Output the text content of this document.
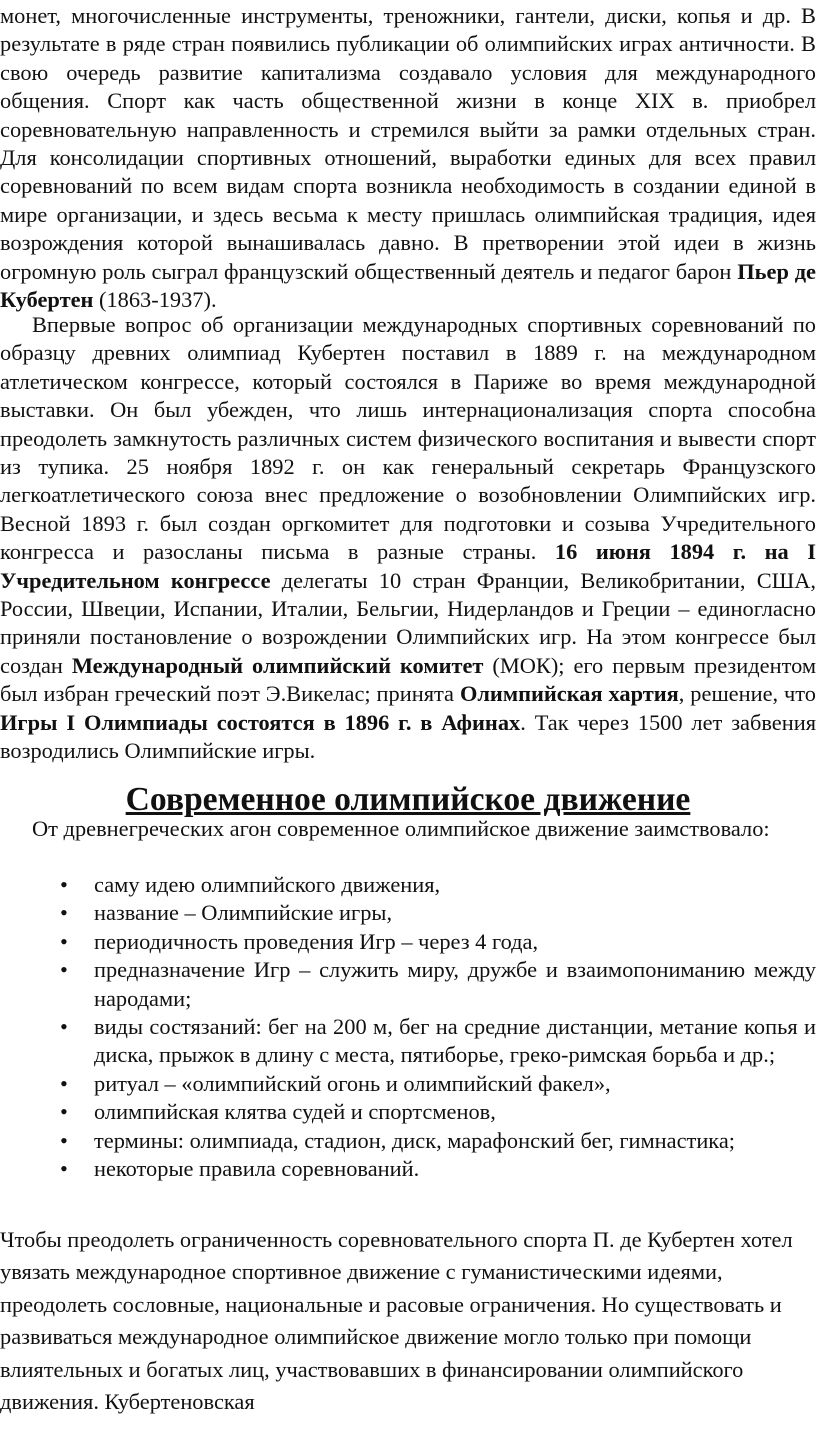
монет, многочисленные инструменты, треножники, гантели, диски, копья и др. В результате в ряде стран появились публикации об олимпийских играх античности. В свою очередь развитие капитализма создавало условия для международного общения. Спорт как часть общественной жизни в конце XIX в. приобрел соревновательную направленность и стремился выйти за рамки отдельных стран. Для консолидации спортивных отношений, выработки единых для всех правил соревнований по всем видам спорта возникла необходимость в создании единой в мире организации, и здесь весьма к месту пришлась олимпийская традиция, идея возрождения которой вынашивалась давно. В претворении этой идеи в жизнь огромную роль сыграл французский общественный деятель и педагог барон Пьер де Кубертен (1863-1937).

Впервые вопрос об организации международных спортивных соревнований по образцу древних олимпиад Кубертен поставил в 1889 г. на международном атлетическом конгрессе, который состоялся в Париже во время международной выставки. Он был убежден, что лишь интернационализация спорта способна преодолеть замкнутость различных систем физического воспитания и вывести спорт из тупика. 25 ноября 1892 г. он как генеральный секретарь Французского легкоатлетического союза внес предложение о возобновлении Олимпийских игр. Весной 1893 г. был создан оргкомитет для подготовки и созыва Учредительного конгресса и разосланы письма в разные страны. 16 июня 1894 г. на I Учредительном конгрессе делегаты 10 стран Франции, Великобритании, США, России, Швеции, Испании, Италии, Бельгии, Нидерландов и Греции – единогласно приняли постановление о возрождении Олимпийских игр. На этом конгрессе был создан Международный олимпийский комитет (МОК); его первым президентом был избран греческий поэт Э.Викелас; принята Олимпийская хартия, решение, что Игры I Олимпиады состоятся в 1896 г. в Афинах. Так через 1500 лет забвения возродились Олимпийские игры.

Современное олимпийское движение

От древнегреческих агон современное олимпийское движение заимствовало:

• саму идею олимпийского движения,
• название – Олимпийские игры,
• периодичность проведения Игр – через 4 года,
• предназначение Игр – служить миру, дружбе и взаимопониманию между народами;
• виды состязаний: бег на 200 м, бег на средние дистанции, метание копья и диска, прыжок в длину с места, пятиборье, греко-римская борьба и др.;
• ритуал – «олимпийский огонь и олимпийский факел»,
• олимпийская клятва судей и спортсменов,
• термины: олимпиада, стадион, диск, марафонский бег, гимнастика;
• некоторые правила соревнований.

Чтобы преодолеть ограниченность соревновательного спорта П. де Кубертен хотел увязать международное спортивное движение с гуманистическими идеями, преодолеть сословные, национальные и расовые ограничения. Но существовать и развиваться международное олимпийское движение могло только при помощи влиятельных и богатых лиц, участвовавших в финансировании олимпийского движения. Кубертеновская
